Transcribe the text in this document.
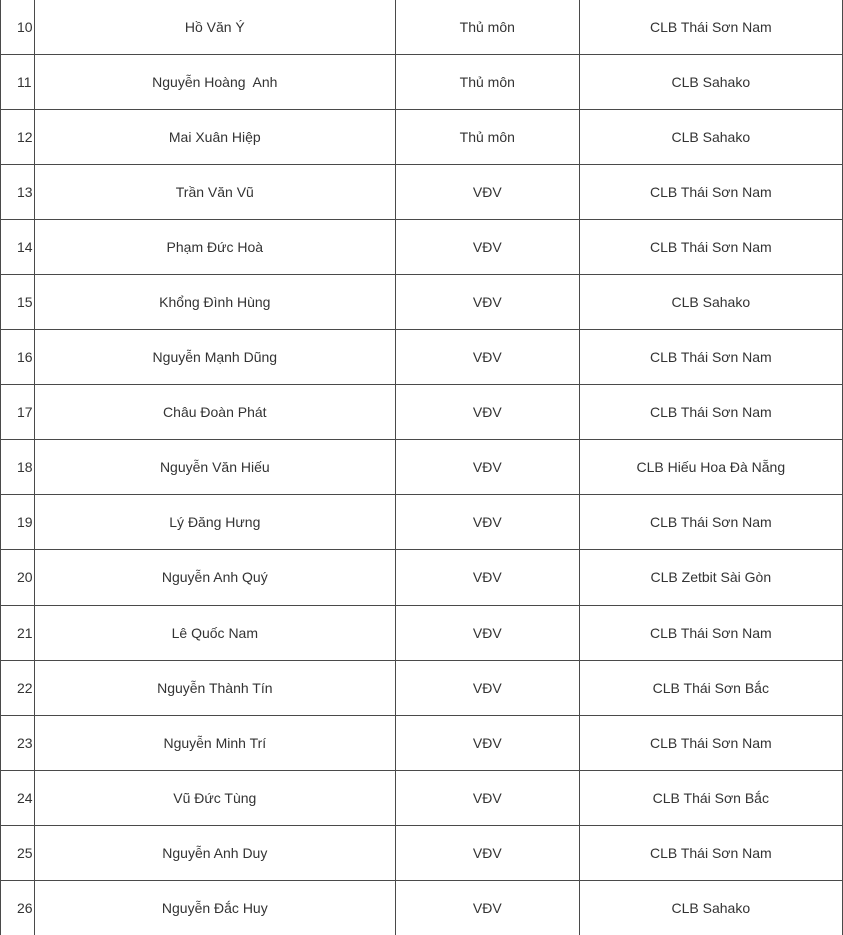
10	Hồ Văn Ý	Thủ môn	CLB Thái Sơn Nam
11	Nguyễn Hoàng  Anh	Thủ môn	CLB Sahako
12	Mai Xuân Hiệp	Thủ môn	CLB Sahako
13	Trần Văn Vũ	VĐV	CLB Thái Sơn Nam
14	Phạm Đức Hoà	VĐV	CLB Thái Sơn Nam
15	Khổng Đình Hùng	VĐV	CLB Sahako
16	Nguyễn Mạnh Dũng	VĐV	CLB Thái Sơn Nam
17	Châu Đoàn Phát	VĐV	CLB Thái Sơn Nam
18	Nguyễn Văn Hiếu	VĐV	CLB Hiếu Hoa Đà Nẵng
19	Lý Đăng Hưng	VĐV	CLB Thái Sơn Nam
20	Nguyễn Anh Quý	VĐV	CLB Zetbit Sài Gòn
21	Lê Quốc Nam	VĐV	CLB Thái Sơn Nam
22	Nguyễn Thành Tín	VĐV	CLB Thái Sơn Bắc
23	Nguyễn Minh Trí	VĐV	CLB Thái Sơn Nam
24	Vũ Đức Tùng	VĐV	CLB Thái Sơn Bắc
25	Nguyễn Anh Duy	VĐV	CLB Thái Sơn Nam
26	Nguyễn Đắc Huy	VĐV	CLB Sahako
